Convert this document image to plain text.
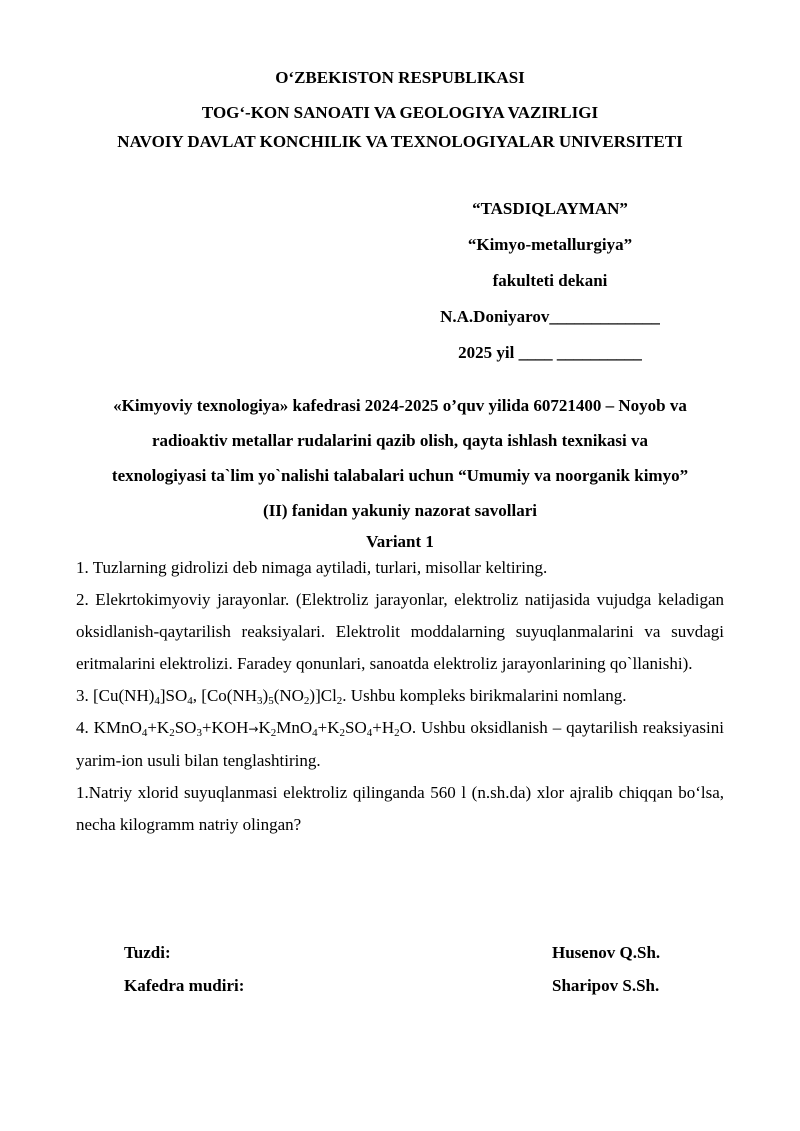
O‘ZBEKISTON RESPUBLIKASI
TOG‘-KON SANOATI VA GEOLOGIYA VAZIRLIGI
NAVOIY DAVLAT KONCHILIK VA TEXNOLOGIYALAR UNIVERSITETI
“TASDIQLAYMAN”
“Kimyo-metallurgiya”
fakulteti dekani
N.A.Doniyarov_____________
2025 yil ____ __________
«Kimyoviy texnologiya» kafedrasi 2024-2025 o’quv yilida 60721400 – Noyob va
radioaktiv metallar rudalarini qazib olish, qayta ishlash texnikasi va
texnologiyasi ta`lim yo`nalishi talabalari uchun “Umumiy va noorganik kimyo”
(II) fanidan yakuniy nazorat savollari
Variant 1

1. Tuzlarning gidrolizi deb nimaga aytiladi, turlari, misollar keltiring.

2. Elekrtokimyoviy jarayonlar. (Elektroliz jarayonlar, elektroliz natijasida vujudga keladigan oksidlanish-qaytarilish reaksiyalari. Elektrolit moddalarning suyuqlanmalarini va suvdagi eritmalarini elektrolizi. Faradey qonunlari, sanoatda elektroliz jarayonlarining qo`llanishi).

3. $[Cu(NH)_4]SO_4$, $[Co(NH_3)_5(NO_2)]Cl_2$. Ushbu kompleks birikmalarini nomlang.

4. $KMnO_4+K_2SO_3+KOH\to K_2MnO_4+K_2SO_4+H_2O$. Ushbu oksidlanish – qaytarilish reaksiyasini yarim-ion usuli bilan tenglashtiring.

1.Natriy xlorid suyuqlanmasi elektroliz qilinganda 560 l (n.sh.da) xlor ajralib chiqqan bo‘lsa, necha kilogramm natriy olingan?

Tuzdi:	Husenov Q.Sh.
Kafedra mudiri:	Sharipov S.Sh.
